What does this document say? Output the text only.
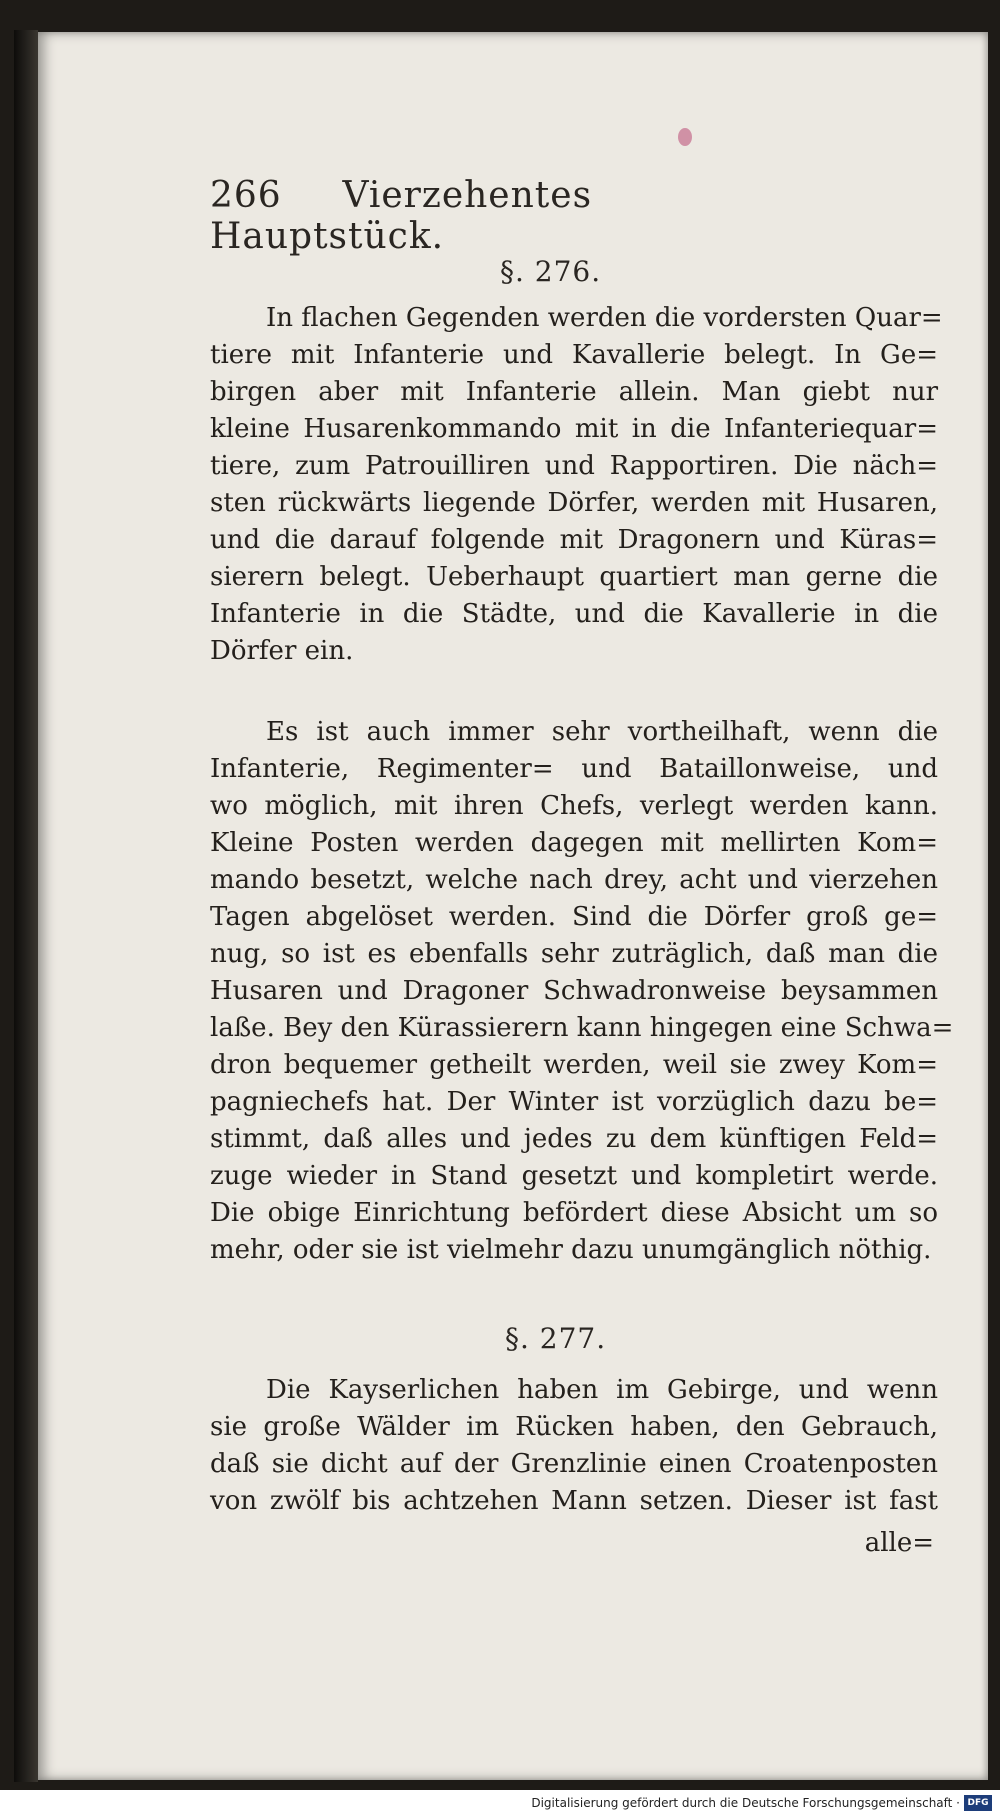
266 Vierzehentes Hauptstück.
§. 276.
In flachen Gegenden werden die vordersten Quar=
tiere mit Infanterie und Kavallerie belegt. In Ge=
birgen aber mit Infanterie allein. Man giebt nur
kleine Husarenkommando mit in die Infanteriequar=
tiere, zum Patrouilliren und Rapportiren. Die näch=
sten rückwärts liegende Dörfer, werden mit Husaren,
und die darauf folgende mit Dragonern und Küras=
sierern belegt. Ueberhaupt quartiert man gerne die
Infanterie in die Städte, und die Kavallerie in die
Dörfer ein.
Es ist auch immer sehr vortheilhaft, wenn die
Infanterie, Regimenter= und Bataillonweise, und
wo möglich, mit ihren Chefs, verlegt werden kann.
Kleine Posten werden dagegen mit mellirten Kom=
mando besetzt, welche nach drey, acht und vierzehen
Tagen abgelöset werden. Sind die Dörfer groß ge=
nug, so ist es ebenfalls sehr zuträglich, daß man die
Husaren und Dragoner Schwadronweise beysammen
laße. Bey den Kürassierern kann hingegen eine Schwa=
dron bequemer getheilt werden, weil sie zwey Kom=
pagniechefs hat. Der Winter ist vorzüglich dazu be=
stimmt, daß alles und jedes zu dem künftigen Feld=
zuge wieder in Stand gesetzt und kompletirt werde.
Die obige Einrichtung befördert diese Absicht um so
mehr, oder sie ist vielmehr dazu unumgänglich nöthig.
§. 277.
Die Kayserlichen haben im Gebirge, und wenn
sie große Wälder im Rücken haben, den Gebrauch,
daß sie dicht auf der Grenzlinie einen Croatenposten
von zwölf bis achtzehen Mann setzen. Dieser ist fast
alle=
Digitalisierung gefördert durch die Deutsche Forschungsgemeinschaft · DFG
